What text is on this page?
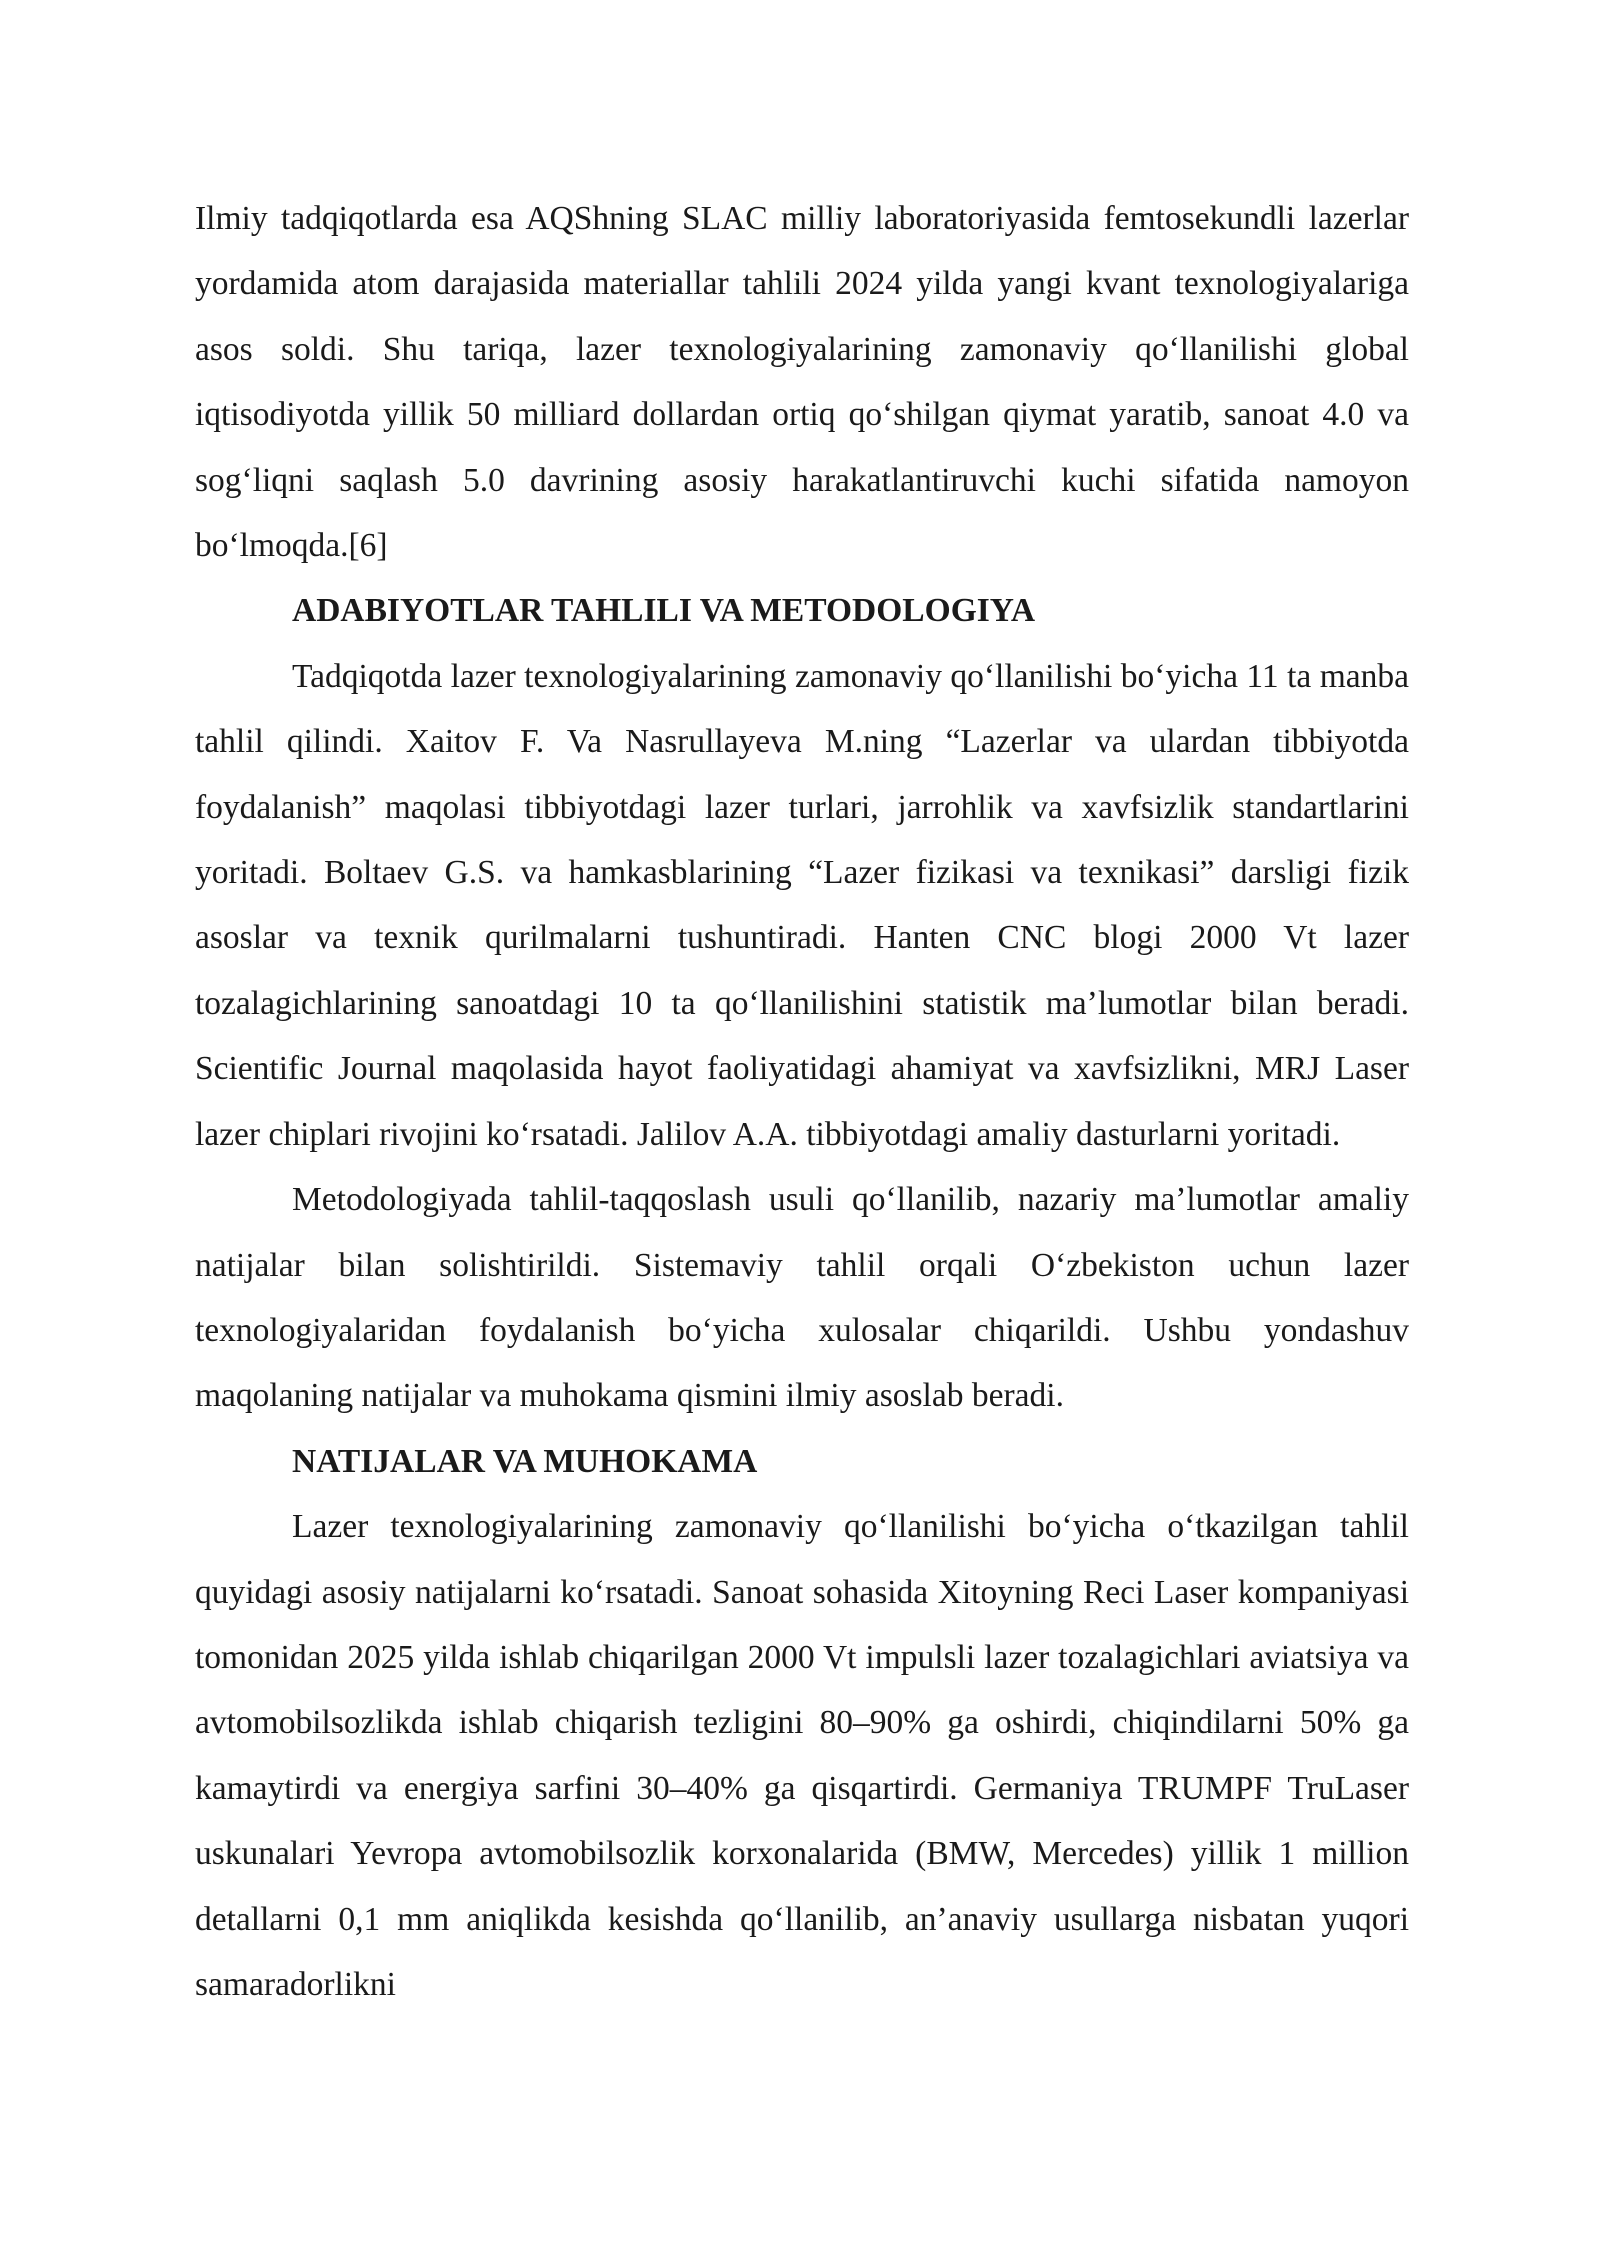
Ilmiy tadqiqotlarda esa AQShning SLAC milliy laboratoriyasida femtosekundli lazerlar yordamida atom darajasida materiallar tahlili 2024 yilda yangi kvant texnologiyalariga asos soldi. Shu tariqa, lazer texnologiyalarining zamonaviy qo‘llanilishi global iqtisodiyotda yillik 50 milliard dollardan ortiq qo‘shilgan qiymat yaratib, sanoat 4.0 va sog‘liqni saqlash 5.0 davrining asosiy harakatlantiruvchi kuchi sifatida namoyon bo‘lmoqda.[6]

ADABIYOTLAR TAHLILI VA METODOLOGIYA

Tadqiqotda lazer texnologiyalarining zamonaviy qo‘llanilishi bo‘yicha 11 ta manba tahlil qilindi. Xaitov F. Va Nasrullayeva M.ning “Lazerlar va ulardan tibbiyotda foydalanish” maqolasi tibbiyotdagi lazer turlari, jarrohlik va xavfsizlik standartlarini yoritadi. Boltaev G.S. va hamkasblarining “Lazer fizikasi va texnikasi” darsligi fizik asoslar va texnik qurilmalarni tushuntiradi. Hanten CNC blogi 2000 Vt lazer tozalagichlarining sanoatdagi 10 ta qo‘llanilishini statistik ma’lumotlar bilan beradi. Scientific Journal maqolasida hayot faoliyatidagi ahamiyat va xavfsizlikni, MRJ Laser lazer chiplari rivojini ko‘rsatadi. Jalilov A.A. tibbiyotdagi amaliy dasturlarni yoritadi.

Metodologiyada tahlil-taqqoslash usuli qo‘llanilib, nazariy ma’lumotlar amaliy natijalar bilan solishtirildi. Sistemaviy tahlil orqali O‘zbekiston uchun lazer texnologiyalaridan foydalanish bo‘yicha xulosalar chiqarildi. Ushbu yondashuv maqolaning natijalar va muhokama qismini ilmiy asoslab beradi.

NATIJALAR VA MUHOKAMA

Lazer texnologiyalarining zamonaviy qo‘llanilishi bo‘yicha o‘tkazilgan tahlil quyidagi asosiy natijalarni ko‘rsatadi. Sanoat sohasida Xitoyning Reci Laser kompaniyasi tomonidan 2025 yilda ishlab chiqarilgan 2000 Vt impulsli lazer tozalagichlari aviatsiya va avtomobilsozlikda ishlab chiqarish tezligini 80–90% ga oshirdi, chiqindilarni 50% ga kamaytirdi va energiya sarfini 30–40% ga qisqartirdi. Germaniya TRUMPF TruLaser uskunalari Yevropa avtomobilsozlik korxonalarida (BMW, Mercedes) yillik 1 million detallarni 0,1 mm aniqlikda kesishda qo‘llanilib, an’anaviy usullarga nisbatan yuqori samaradorlikni
